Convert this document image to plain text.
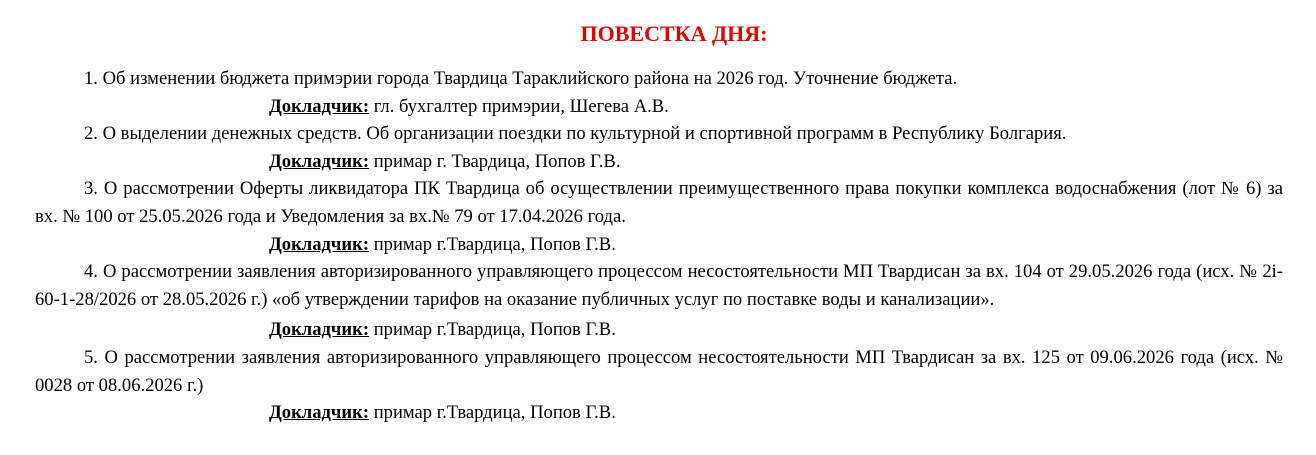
ПОВЕСТКА ДНЯ:

1. Об изменении бюджета примэрии города Твардица Тараклийского района на 2026 год. Уточнение бюджета.

Докладчик: гл. бухгалтер примэрии, Шегева А.В.

2. О выделении денежных средств. Об организации поездки по культурной и спортивной программ в Республику Болгария.

Докладчик: примар г. Твардица, Попов Г.В.

3. О рассмотрении Оферты ликвидатора ПК Твардица об осуществлении преимущественного права покупки комплекса водоснабжения (лот № 6) за вх. № 100 от 25.05.2026 года и Уведомления за вх.№ 79 от 17.04.2026 года.

Докладчик: примар г.Твардица, Попов Г.В.

4. О рассмотрении заявления авторизированного управляющего процессом несостоятельности МП Твардисан за вх. 104 от 29.05.2026 года (исх. № 2i-60-1-28/2026 от 28.05.2026 г.) «об утверждении тарифов на оказание публичных услуг по поставке воды и канализации».

Докладчик: примар г.Твардица, Попов Г.В.

5. О рассмотрении заявления авторизированного управляющего процессом несостоятельности МП Твардисан за вх. 125 от 09.06.2026 года (исх. № 0028 от 08.06.2026 г.)

Докладчик: примар г.Твардица, Попов Г.В.
